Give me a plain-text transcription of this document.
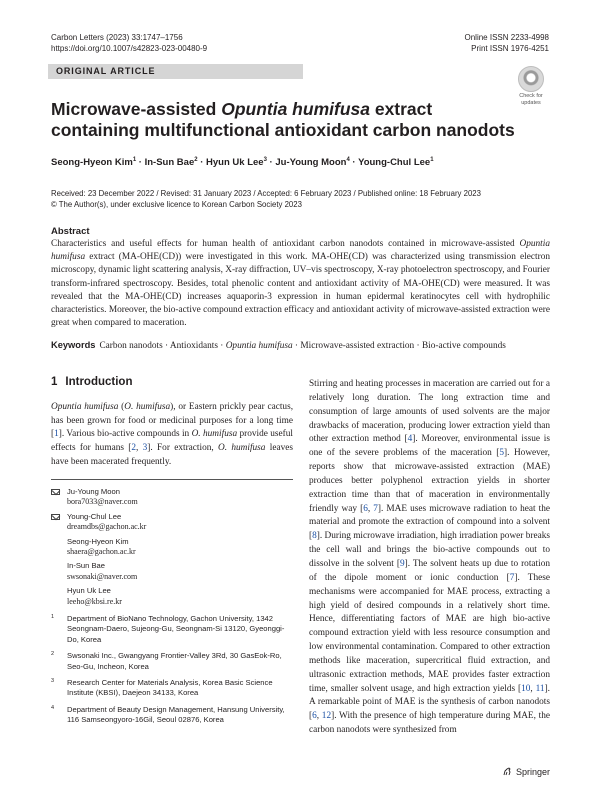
Carbon Letters (2023) 33:1747–1756
https://doi.org/10.1007/s42823-023-00480-9
Online ISSN 2233-4998
Print ISSN 1976-4251
ORIGINAL ARTICLE
Check for
updates
Microwave-assisted Opuntia humifusa extract containing multifunctional antioxidant carbon nanodots
Seong-Hyeon Kim$^1$ · In-Sun Bae$^2$ · Hyun Uk Lee$^3$ · Ju-Young Moon$^4$ · Young-Chul Lee$^1$
Received: 23 December 2022 / Revised: 31 January 2023 / Accepted: 6 February 2023 / Published online: 18 February 2023
© The Author(s), under exclusive licence to Korean Carbon Society 2023
Abstract
Characteristics and useful effects for human health of antioxidant carbon nanodots contained in microwave-assisted Opuntia humifusa extract (MA-OHE(CD)) were investigated in this work. MA-OHE(CD) was characterized using transmission electron microscopy, dynamic light scattering analysis, X-ray diffraction, UV–vis spectroscopy, X-ray photoelectron spectroscopy, and Fourier transform-infrared spectroscopy. Besides, total phenolic content and antioxidant activity of MA-OHE(CD) were measured. It was revealed that the MA-OHE(CD) increases aquaporin-3 expression in human epidermal keratinocytes cell with hydrophilic characteristics. Moreover, the bio-active compound extraction efficacy and antioxidant activity of microwave-assisted extraction were great when compared to maceration.
Keywords Carbon nanodots · Antioxidants · Opuntia humifusa · Microwave-assisted extraction · Bio-active compounds
1 Introduction
Opuntia humifusa (O. humifusa), or Eastern prickly pear cactus, has been grown for food or medicinal purposes for a long time [1]. Various bio-active compounds in O. humifusa provide useful effects for humans [2, 3]. For extraction, O. humifusa leaves have been macerated frequently.
Ju-Young Moon
bora7033@naver.com
Young-Chul Lee
dreamdbs@gachon.ac.kr
Seong-Hyeon Kim
shaera@gachon.ac.kr
In-Sun Bae
swsonaki@naver.com
Hyun Uk Lee
leeho@kbsi.re.kr
1 Department of BioNano Technology, Gachon University, 1342 Seongnam-Daero, Sujeong-Gu, Seongnam-Si 13120, Gyeonggi-Do, Korea
2 Swsonaki Inc., Gwangyang Frontier-Valley 3Rd, 30 GasEok-Ro, Seo-Gu, Incheon, Korea
3 Research Center for Materials Analysis, Korea Basic Science Institute (KBSI), Daejeon 34133, Korea
4 Department of Beauty Design Management, Hansung University, 116 Samseongyoro-16Gil, Seoul 02876, Korea
Stirring and heating processes in maceration are carried out for a relatively long duration. The long extraction time and consumption of large amounts of used solvents are the major drawbacks of maceration, producing lower extraction yield than other extraction method [4]. Moreover, environmental issue is one of the severe problems of the maceration [5]. However, reports show that microwave-assisted extraction (MAE) produces better polyphenol extraction yields in shorter extraction time than that of maceration in environmentally friendly way [6, 7]. MAE uses microwave radiation to heat the material and promote the extraction of compound into a solvent [8]. During microwave irradiation, high irradiation power breaks the cell wall and brings the bio-active compounds out to dissolve in the solvent [9]. The solvent heats up due to rotation of the dipole moment or ionic conduction [7]. These mechanisms were accompanied for MAE process, extracting a high yield of desired compounds in a relatively short time. Hence, differentiating factors of MAE are high bio-active compound extraction yield with less resource consumption and low environmental contamination. Compared to other extraction methods like maceration, supercritical fluid extraction, and ultrasonic extraction methods, MAE provides faster extraction time, smaller solvent usage, and high extraction yields [10, 11]. A remarkable point of MAE is the synthesis of carbon nanodots [6, 12]. With the presence of high temperature during MAE, the carbon nanodots were synthesized from
Springer
